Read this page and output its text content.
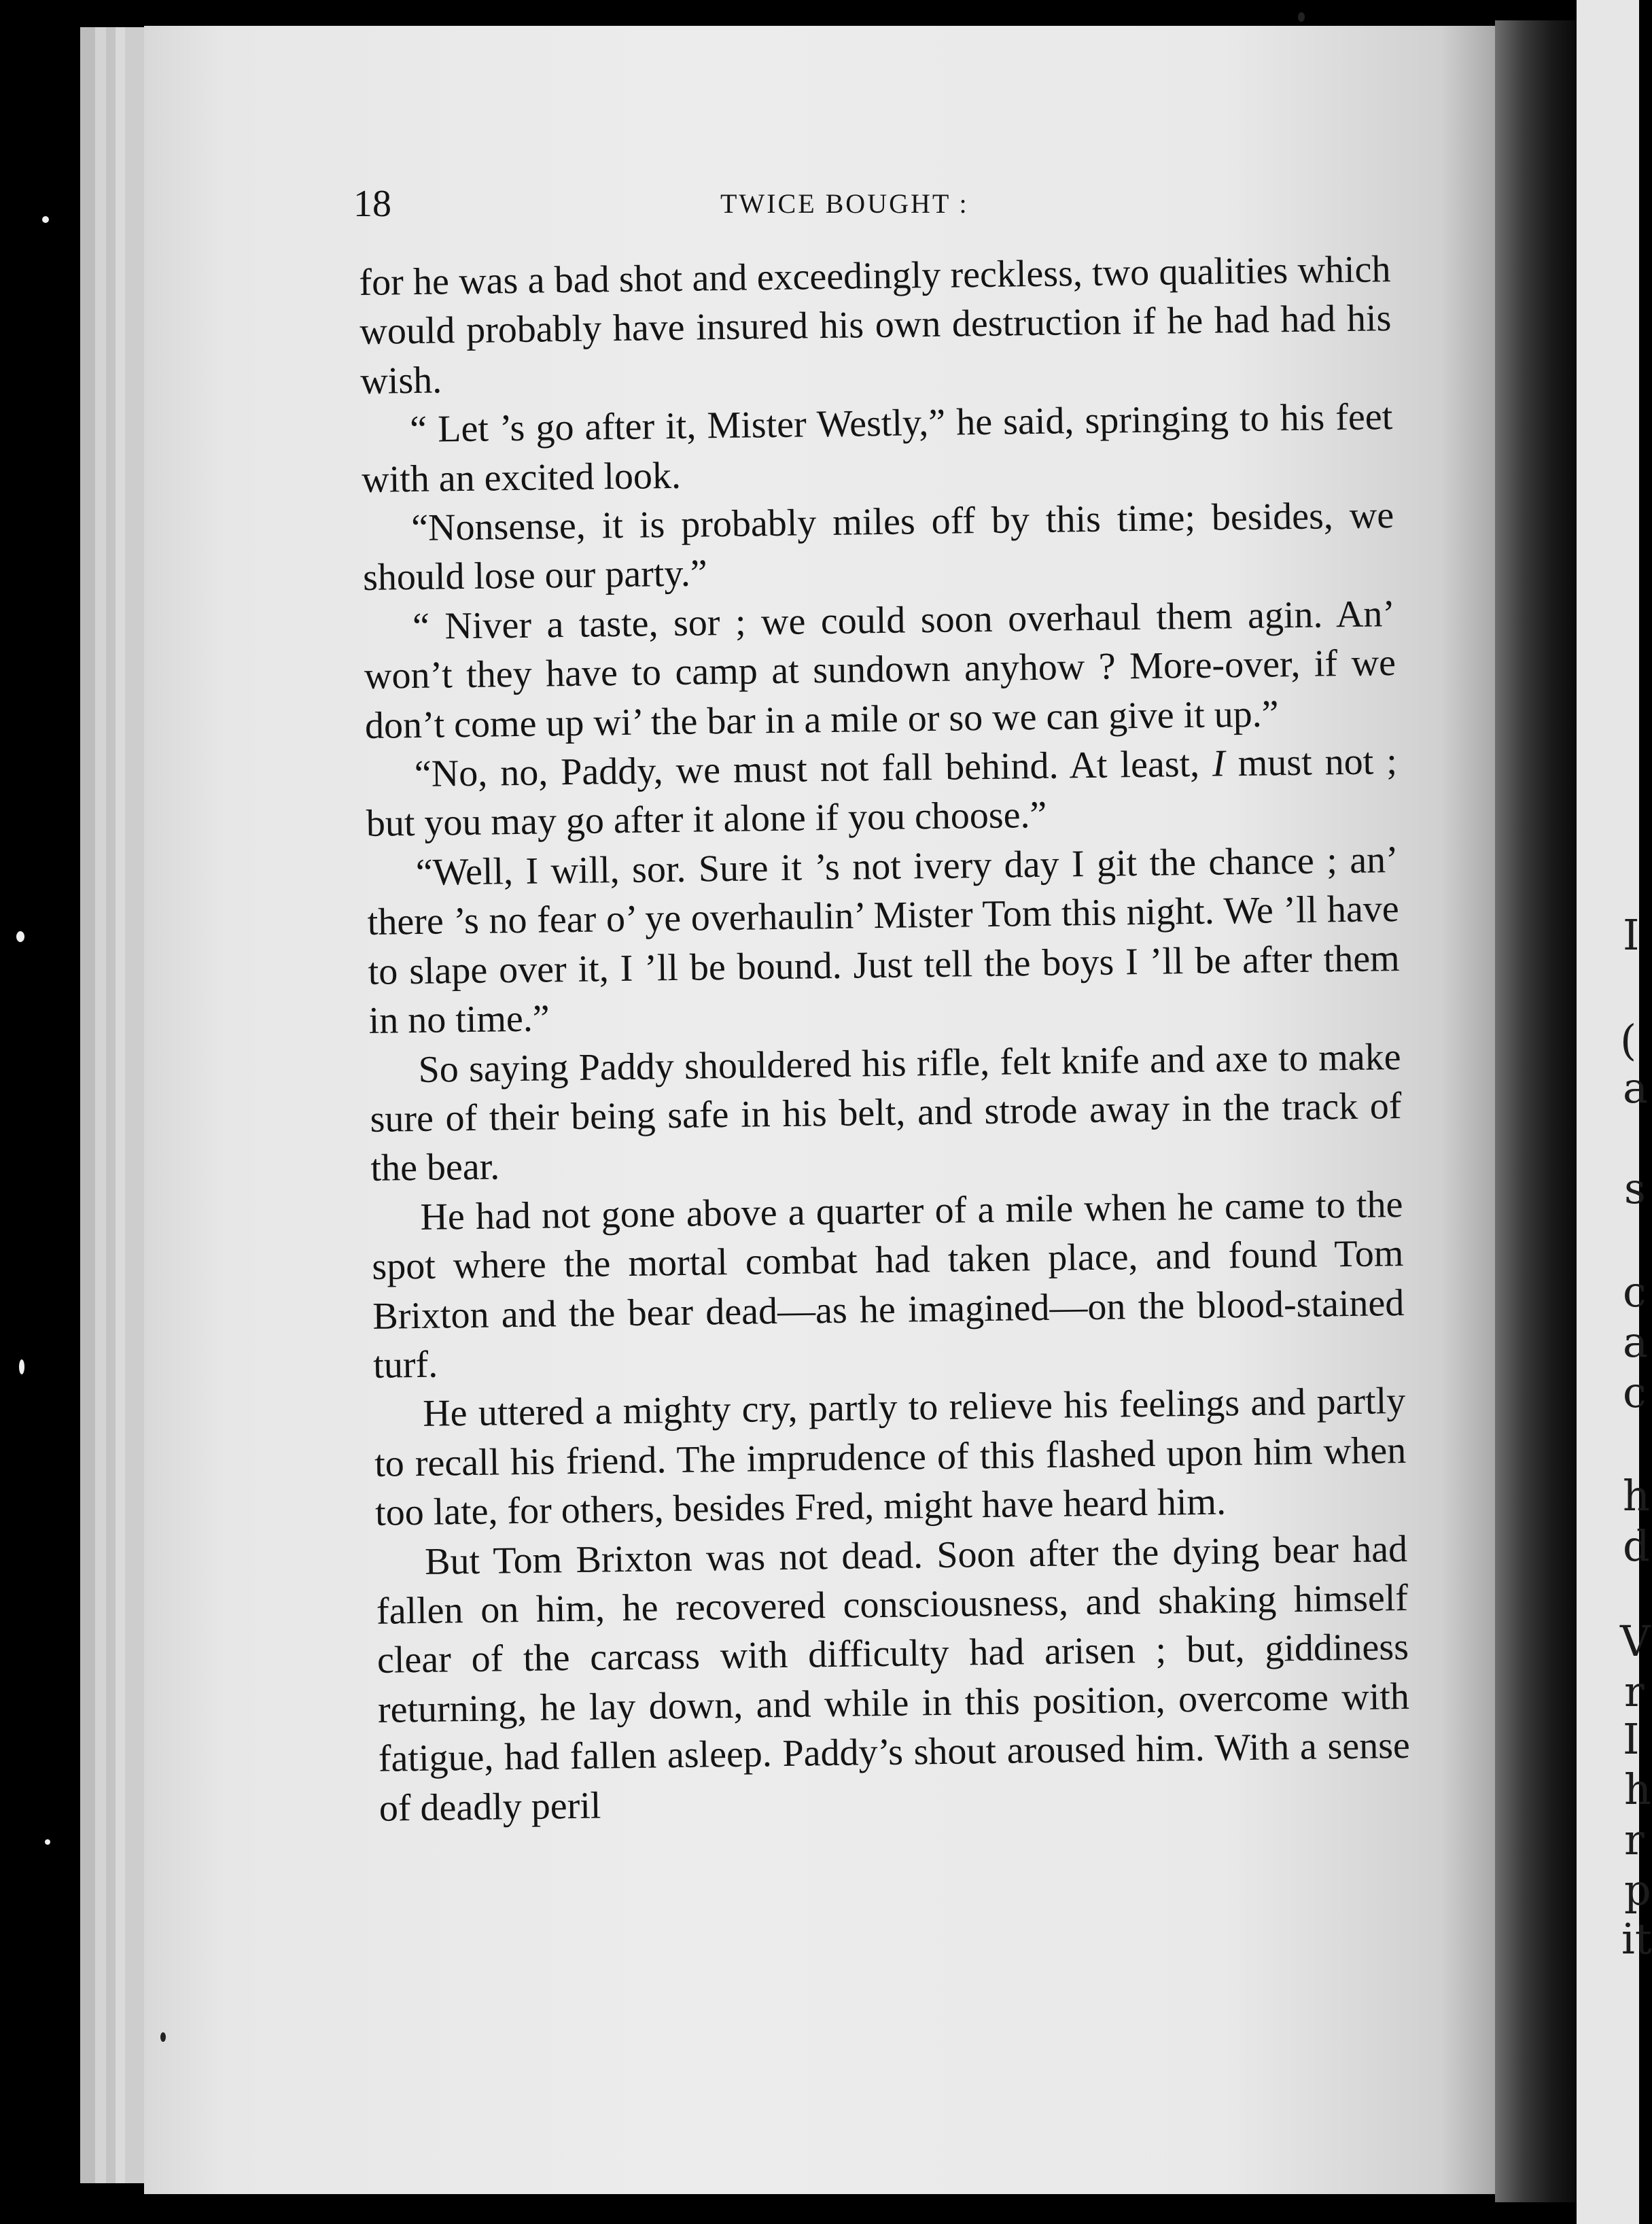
I
(
a
s
c
a
c
h
d
V
r
I
h
r
p
it

18	TWICE BOUGHT :

for he was a bad shot and exceedingly reckless, two qualities which would probably have insured his own destruction if he had had his wish.

“ Let ’s go after it, Mister Westly,” he said, springing to his feet with an excited look.

“Nonsense, it is probably miles off by this time; besides, we should lose our party.”

“ Niver a taste, sor ; we could soon overhaul them agin. An’ won’t they have to camp at sundown anyhow ? More-over, if we don’t come up wi’ the bar in a mile or so we can give it up.”

“No, no, Paddy, we must not fall behind. At least, I must not ; but you may go after it alone if you choose.”

“Well, I will, sor. Sure it ’s not ivery day I git the chance ; an’ there ’s no fear o’ ye overhaulin’ Mister Tom this night. We ’ll have to slape over it, I ’ll be bound. Just tell the boys I ’ll be after them in no time.”

So saying Paddy shouldered his rifle, felt knife and axe to make sure of their being safe in his belt, and strode away in the track of the bear.

He had not gone above a quarter of a mile when he came to the spot where the mortal combat had taken place, and found Tom Brixton and the bear dead—as he imagined—on the blood-stained turf.

He uttered a mighty cry, partly to relieve his feelings and partly to recall his friend. The imprudence of this flashed upon him when too late, for others, besides Fred, might have heard him.

But Tom Brixton was not dead. Soon after the dying bear had fallen on him, he recovered consciousness, and shaking himself clear of the carcass with difficulty had arisen ; but, giddiness returning, he lay down, and while in this position, overcome with fatigue, had fallen asleep. Paddy’s shout aroused him. With a sense of deadly peril
